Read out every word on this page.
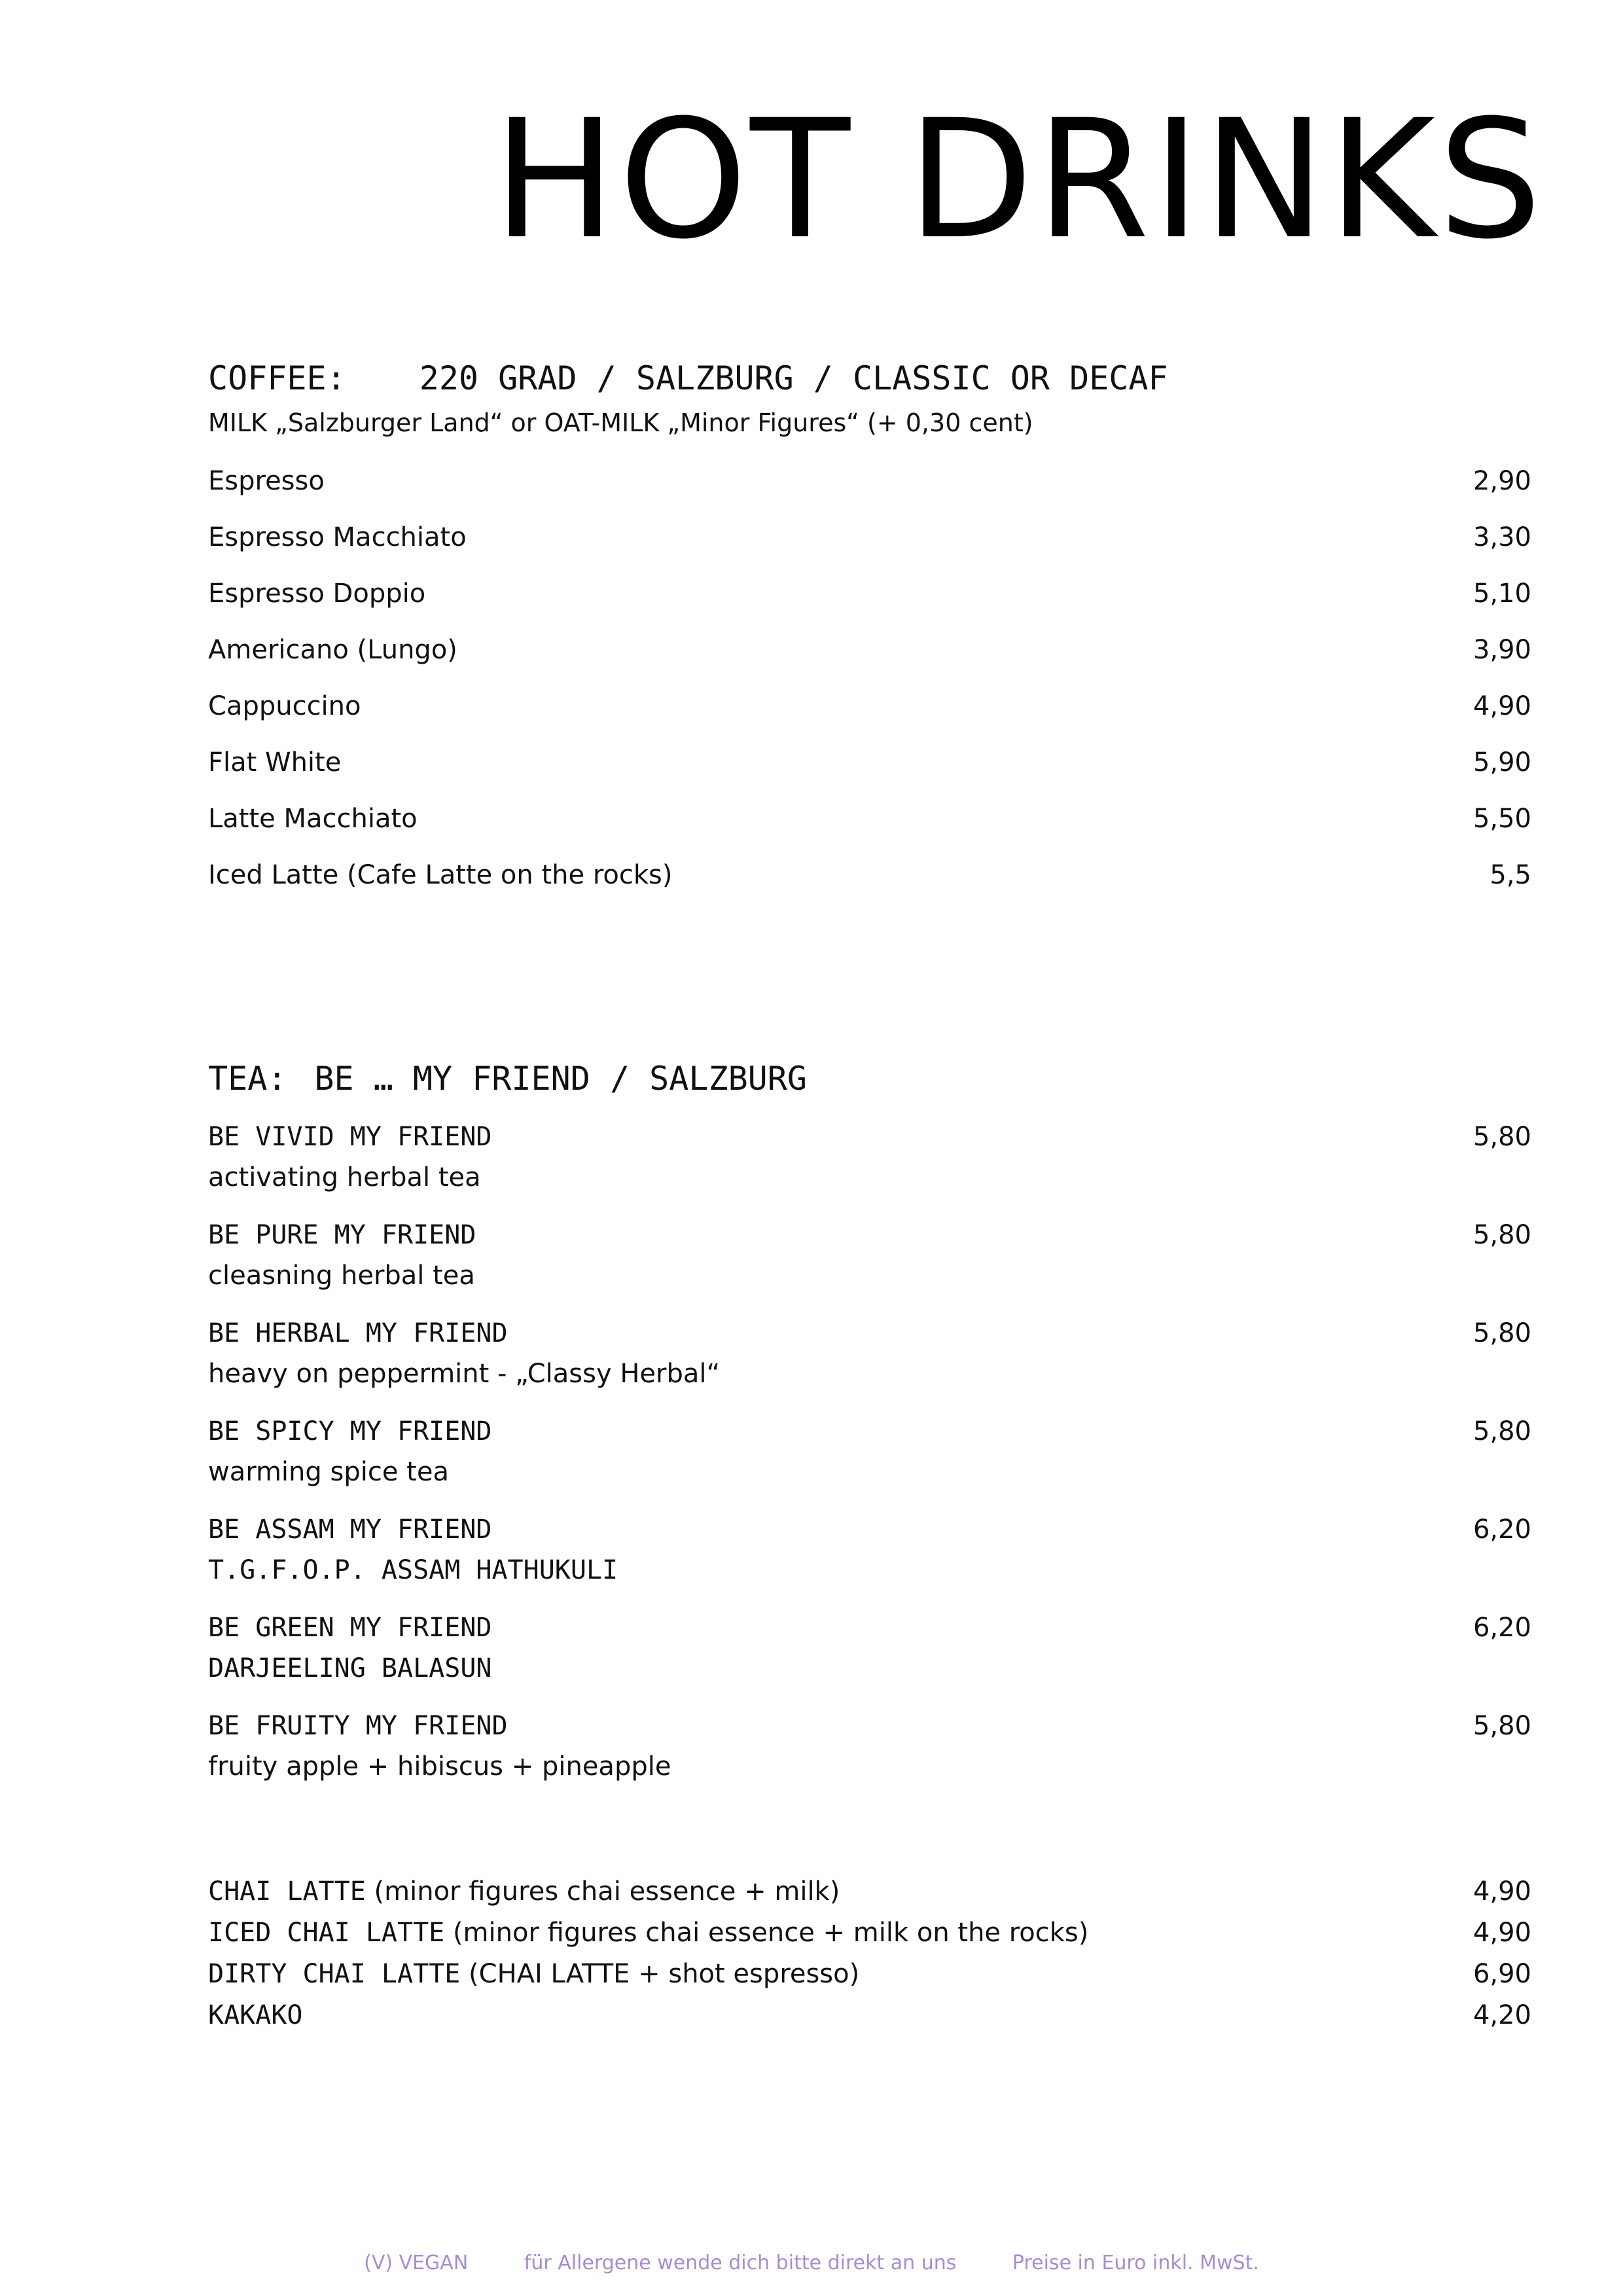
HOT DRINKS
COFFEE: 220 GRAD / SALZBURG / CLASSIC OR DECAF
MILK „Salzburger Land“ or OAT-MILK „Minor Figures“ (+ 0,30 cent)
Espresso	2,90
Espresso Macchiato	3,30
Espresso Doppio	5,10
Americano (Lungo)	3,90
Cappuccino	4,90
Flat White	5,90
Latte Macchiato	5,50
Iced Latte (Cafe Latte on the rocks)	5,5
TEA: BE … MY FRIEND / SALZBURG
BE VIVID MY FRIEND	5,80
activating herbal tea
BE PURE MY FRIEND	5,80
cleasning herbal tea
BE HERBAL MY FRIEND	5,80
heavy on peppermint - „Classy Herbal“
BE SPICY MY FRIEND	5,80
warming spice tea
BE ASSAM MY FRIEND	6,20
T.G.F.O.P. ASSAM HATHUKULI
BE GREEN MY FRIEND	6,20
DARJEELING BALASUN
BE FRUITY MY FRIEND	5,80
fruity apple + hibiscus + pineapple
CHAI LATTE (minor figures chai essence + milk)	4,90
ICED CHAI LATTE (minor figures chai essence + milk on the rocks)	4,90
DIRTY CHAI LATTE (CHAI LATTE + shot espresso)	6,90
KAKAKO	4,20
(V) VEGAN	für Allergene wende dich bitte direkt an uns	Preise in Euro inkl. MwSt.
